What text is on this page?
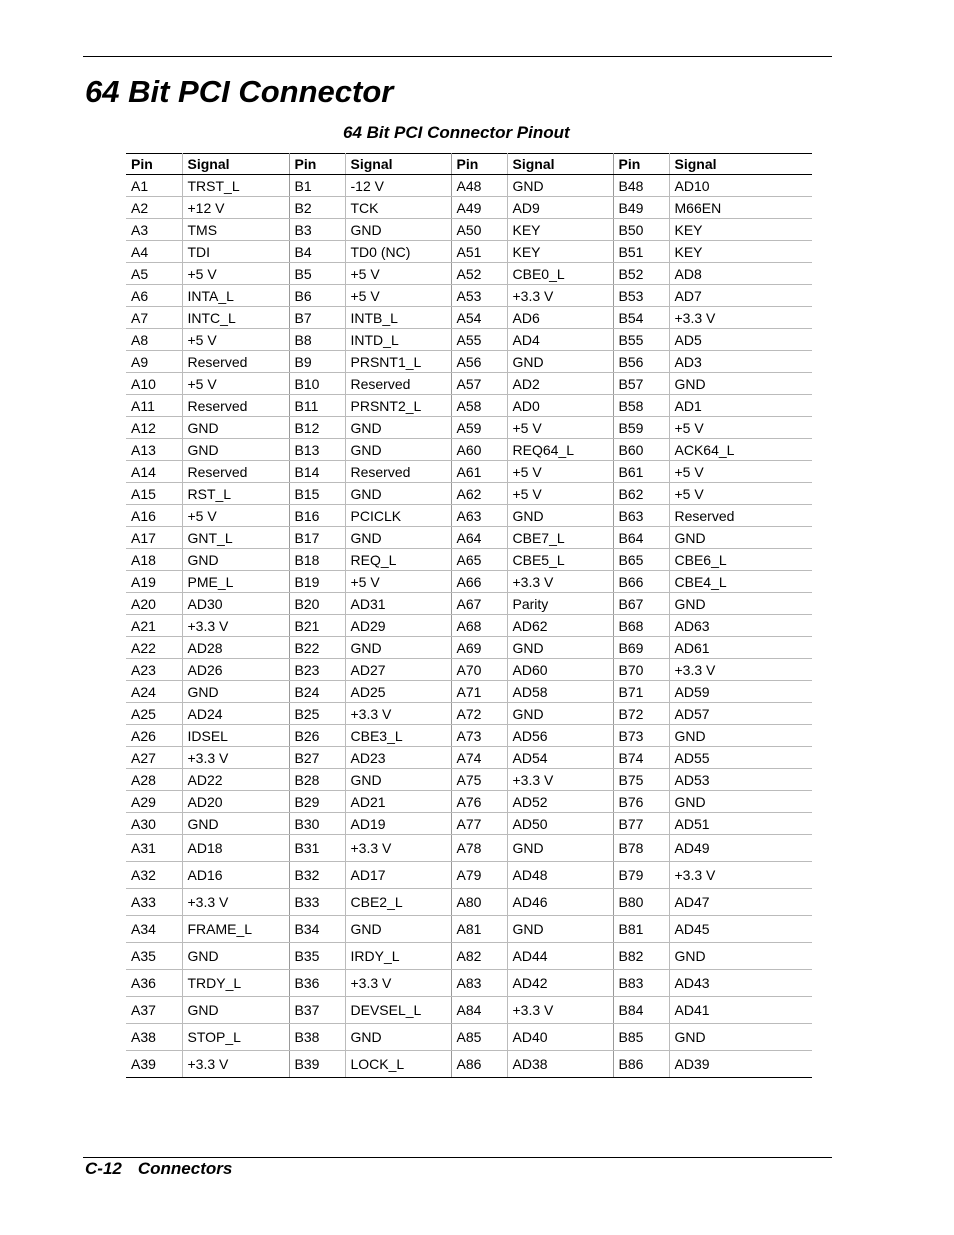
64 Bit PCI Connector
64 Bit PCI Connector Pinout
Pin	Signal	Pin	Signal	Pin	Signal	Pin	Signal
A1	TRST_L	B1	-12 V	A48	GND	B48	AD10
A2	+12 V	B2	TCK	A49	AD9	B49	M66EN
A3	TMS	B3	GND	A50	KEY	B50	KEY
A4	TDI	B4	TD0 (NC)	A51	KEY	B51	KEY
A5	+5 V	B5	+5 V	A52	CBE0_L	B52	AD8
A6	INTA_L	B6	+5 V	A53	+3.3 V	B53	AD7
A7	INTC_L	B7	INTB_L	A54	AD6	B54	+3.3 V
A8	+5 V	B8	INTD_L	A55	AD4	B55	AD5
A9	Reserved	B9	PRSNT1_L	A56	GND	B56	AD3
A10	+5 V	B10	Reserved	A57	AD2	B57	GND
A11	Reserved	B11	PRSNT2_L	A58	AD0	B58	AD1
A12	GND	B12	GND	A59	+5 V	B59	+5 V
A13	GND	B13	GND	A60	REQ64_L	B60	ACK64_L
A14	Reserved	B14	Reserved	A61	+5 V	B61	+5 V
A15	RST_L	B15	GND	A62	+5 V	B62	+5 V
A16	+5 V	B16	PCICLK	A63	GND	B63	Reserved
A17	GNT_L	B17	GND	A64	CBE7_L	B64	GND
A18	GND	B18	REQ_L	A65	CBE5_L	B65	CBE6_L
A19	PME_L	B19	+5 V	A66	+3.3 V	B66	CBE4_L
A20	AD30	B20	AD31	A67	Parity	B67	GND
A21	+3.3 V	B21	AD29	A68	AD62	B68	AD63
A22	AD28	B22	GND	A69	GND	B69	AD61
A23	AD26	B23	AD27	A70	AD60	B70	+3.3 V
A24	GND	B24	AD25	A71	AD58	B71	AD59
A25	AD24	B25	+3.3 V	A72	GND	B72	AD57
A26	IDSEL	B26	CBE3_L	A73	AD56	B73	GND
A27	+3.3 V	B27	AD23	A74	AD54	B74	AD55
A28	AD22	B28	GND	A75	+3.3 V	B75	AD53
A29	AD20	B29	AD21	A76	AD52	B76	GND
A30	GND	B30	AD19	A77	AD50	B77	AD51
A31	AD18	B31	+3.3 V	A78	GND	B78	AD49
A32	AD16	B32	AD17	A79	AD48	B79	+3.3 V
A33	+3.3 V	B33	CBE2_L	A80	AD46	B80	AD47
A34	FRAME_L	B34	GND	A81	GND	B81	AD45
A35	GND	B35	IRDY_L	A82	AD44	B82	GND
A36	TRDY_L	B36	+3.3 V	A83	AD42	B83	AD43
A37	GND	B37	DEVSEL_L	A84	+3.3 V	B84	AD41
A38	STOP_L	B38	GND	A85	AD40	B85	GND
A39	+3.3 V	B39	LOCK_L	A86	AD38	B86	AD39
C-12 Connectors
